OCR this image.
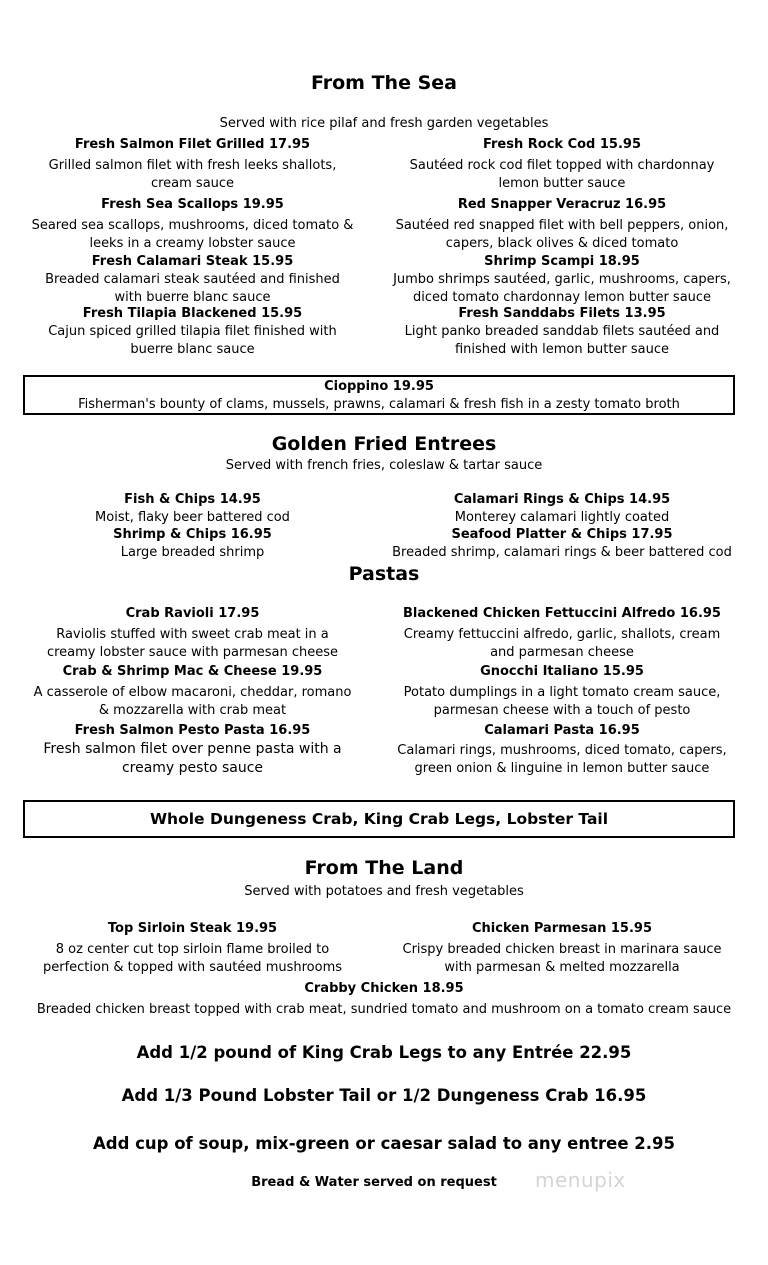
From The Sea
Served with rice pilaf and fresh garden vegetables
Fresh Salmon Filet Grilled 17.95
Grilled salmon filet with fresh leeks shallots, cream sauce
Fresh Sea Scallops 19.95
Seared sea scallops, mushrooms, diced tomato & leeks in a creamy lobster sauce
Fresh Calamari Steak 15.95
Breaded calamari steak sautéed and finished with buerre blanc sauce
Fresh Tilapia Blackened 15.95
Cajun spiced grilled tilapia filet finished with buerre blanc sauce
Fresh Rock Cod 15.95
Sautéed rock cod filet topped with chardonnay lemon butter sauce
Red Snapper Veracruz 16.95
Sautéed red snapped filet with bell peppers, onion, capers, black olives & diced tomato
Shrimp Scampi 18.95
Jumbo shrimps sautéed, garlic, mushrooms, capers, diced tomato chardonnay lemon butter sauce
Fresh Sanddabs Filets 13.95
Light panko breaded sanddab filets sautéed and finished with lemon butter sauce
Cioppino 19.95
Fisherman's bounty of clams, mussels, prawns, calamari & fresh fish in a zesty tomato broth
Golden Fried Entrees
Served with french fries, coleslaw & tartar sauce
Fish & Chips 14.95
Moist, flaky beer battered cod
Shrimp & Chips 16.95
Large breaded shrimp
Calamari Rings & Chips 14.95
Monterey calamari lightly coated
Seafood Platter & Chips 17.95
Breaded shrimp, calamari rings & beer battered cod
Pastas
Crab Ravioli 17.95
Raviolis stuffed with sweet crab meat in a creamy lobster sauce with parmesan cheese
Crab & Shrimp Mac & Cheese 19.95
A casserole of elbow macaroni, cheddar, romano & mozzarella with crab meat
Fresh Salmon Pesto Pasta 16.95
Fresh salmon filet over penne pasta with a creamy pesto sauce
Blackened Chicken Fettuccini Alfredo 16.95
Creamy fettuccini alfredo, garlic, shallots, cream and parmesan cheese
Gnocchi Italiano 15.95
Potato dumplings in a light tomato cream sauce, parmesan cheese with a touch of pesto
Calamari Pasta 16.95
Calamari rings, mushrooms, diced tomato, capers, green onion & linguine in lemon butter sauce
Whole Dungeness Crab, King Crab Legs, Lobster Tail
From The Land
Served with potatoes and fresh vegetables
Top Sirloin Steak 19.95
8 oz center cut top sirloin flame broiled to perfection & topped with sautéed mushrooms
Chicken Parmesan 15.95
Crispy breaded chicken breast in marinara sauce with parmesan & melted mozzarella
Crabby Chicken 18.95
Breaded chicken breast topped with crab meat, sundried tomato and mushroom on a tomato cream sauce
Add 1/2 pound of King Crab Legs to any Entrée 22.95
Add 1/3 Pound Lobster Tail or 1/2 Dungeness Crab 16.95
Add cup of soup, mix-green or caesar salad to any entree 2.95
Bread & Water served on request	menupix
